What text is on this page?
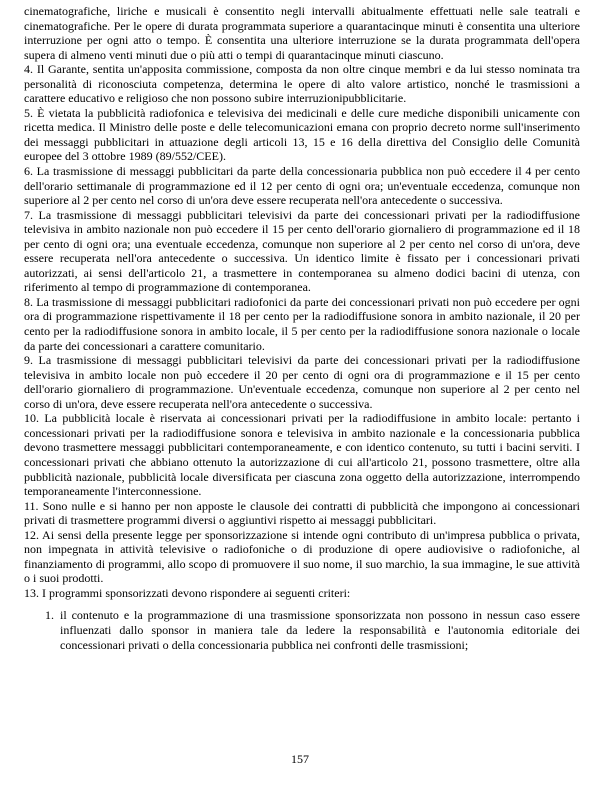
cinematografiche, liriche e musicali è consentito negli intervalli abitualmente effettuati nelle sale teatrali e cinematografiche. Per le opere di durata programmata superiore a quarantacinque minuti è consentita una ulteriore interruzione per ogni atto o tempo. È consentita una ulteriore interruzione se la durata programmata dell'opera supera di almeno venti minuti due o più atti o tempi di quarantacinque minuti ciascuno.

4. Il Garante, sentita un'apposita commissione, composta da non oltre cinque membri e da lui stesso nominata tra personalità di riconosciuta competenza, determina le opere di alto valore artistico, nonché le trasmissioni a carattere educativo e religioso che non possono subire interruzionipubblicitarie.

5. È vietata la pubblicità radiofonica e televisiva dei medicinali e delle cure mediche disponibili unicamente con ricetta medica. Il Ministro delle poste e delle telecomunicazioni emana con proprio decreto norme sull'inserimento dei messaggi pubblicitari in attuazione degli articoli 13, 15 e 16 della direttiva del Consiglio delle Comunità europee del 3 ottobre 1989 (89/552/CEE).

6. La trasmissione di messaggi pubblicitari da parte della concessionaria pubblica non può eccedere il 4 per cento dell'orario settimanale di programmazione ed il 12 per cento di ogni ora; un'eventuale eccedenza, comunque non superiore al 2 per cento nel corso di un'ora deve essere recuperata nell'ora antecedente o successiva.

7. La trasmissione di messaggi pubblicitari televisivi da parte dei concessionari privati per la radiodiffusione televisiva in ambito nazionale non può eccedere il 15 per cento dell'orario giornaliero di programmazione ed il 18 per cento di ogni ora; una eventuale eccedenza, comunque non superiore al 2 per cento nel corso di un'ora, deve essere recuperata nell'ora antecedente o successiva. Un identico limite è fissato per i concessionari privati autorizzati, ai sensi dell'articolo 21, a trasmettere in contemporanea su almeno dodici bacini di utenza, con riferimento al tempo di programmazione di contemporanea.

8. La trasmissione di messaggi pubblicitari radiofonici da parte dei concessionari privati non può eccedere per ogni ora di programmazione rispettivamente il 18 per cento per la radiodiffusione sonora in ambito nazionale, il 20 per cento per la radiodiffusione sonora in ambito locale, il 5 per cento per la radiodiffusione sonora nazionale o locale da parte dei concessionari a carattere comunitario.

9. La trasmissione di messaggi pubblicitari televisivi da parte dei concessionari privati per la radiodiffusione televisiva in ambito locale non può eccedere il 20 per cento di ogni ora di programmazione e il 15 per cento dell'orario giornaliero di programmazione. Un'eventuale eccedenza, comunque non superiore al 2 per cento nel corso di un'ora, deve essere recuperata nell'ora antecedente o successiva.

10. La pubblicità locale è riservata ai concessionari privati per la radiodiffusione in ambito locale: pertanto i concessionari privati per la radiodiffusione sonora e televisiva in ambito nazionale e la concessionaria pubblica devono trasmettere messaggi pubblicitari contemporaneamente, e con identico contenuto, su tutti i bacini serviti. I concessionari privati che abbiano ottenuto la autorizzazione di cui all'articolo 21, possono trasmettere, oltre alla pubblicità nazionale, pubblicità locale diversificata per ciascuna zona oggetto della autorizzazione, interrompendo temporaneamente l'interconnessione.

11. Sono nulle e si hanno per non apposte le clausole dei contratti di pubblicità che impongono ai concessionari privati di trasmettere programmi diversi o aggiuntivi rispetto ai messaggi pubblicitari.

12. Ai sensi della presente legge per sponsorizzazione si intende ogni contributo di un'impresa pubblica o privata, non impegnata in attività televisive o radiofoniche o di produzione di opere audiovisive o radiofoniche, al finanziamento di programmi, allo scopo di promuovere il suo nome, il suo marchio, la sua immagine, le sue attività o i suoi prodotti.

13. I programmi sponsorizzati devono rispondere ai seguenti criteri:

1. il contenuto e la programmazione di una trasmissione sponsorizzata non possono in nessun caso essere influenzati dallo sponsor in maniera tale da ledere la responsabilità e l'autonomia editoriale dei concessionari privati o della concessionaria pubblica nei confronti delle trasmissioni;
157
